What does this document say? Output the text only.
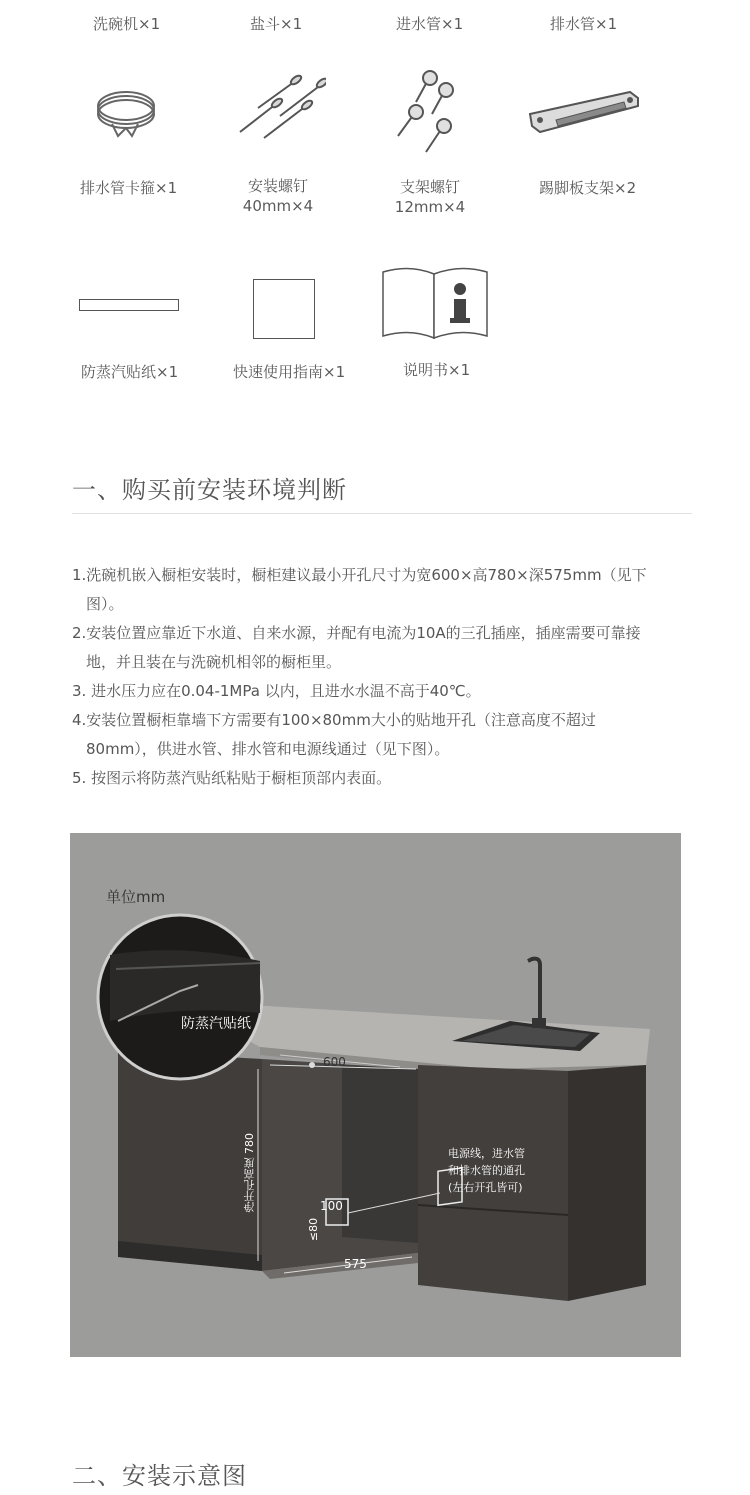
洗碗机×1	盐斗×1	进水管×1	排水管×1
排水管卡箍×1	安装螺钉
40mm×4
支架螺钉
12mm×4
踢脚板支架×2
防蒸汽贴纸×1	快速使用指南×1	说明书×1
一、购买前安装环境判断
1.洗碗机嵌入橱柜安装时，橱柜建议最小开孔尺寸为宽600×高780×深575mm（见下
图）。
2.安装位置应靠近下水道、自来水源，并配有电流为10A的三孔插座，插座需要可靠接
地，并且装在与洗碗机相邻的橱柜里。
3. 进水压力应在0.04-1MPa 以内，且进水水温不高于40℃。
4.安装位置橱柜靠墙下方需要有100×80mm大小的贴地开孔（注意高度不超过
80mm），供进水管、排水管和电源线通过（见下图）。
5. 按图示将防蒸汽贴纸粘贴于橱柜顶部内表面。
单位mm
防蒸汽贴纸
600
净开孔高度 780
100
≤80
575
电源线，进水管
和排水管的通孔
(左右开孔皆可)
二、安装示意图
